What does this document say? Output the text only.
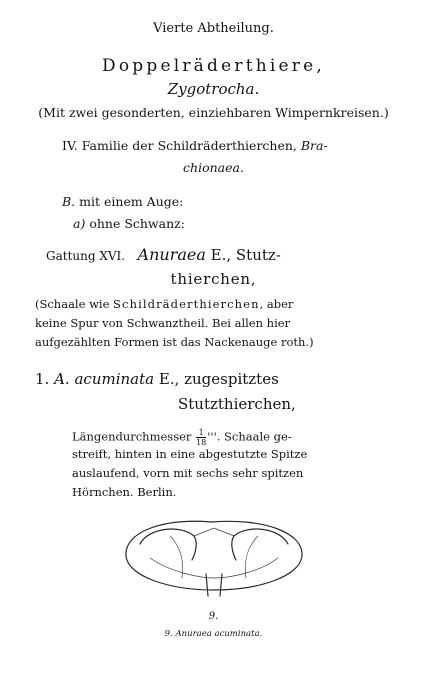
Vierte Abtheilung.
Doppelräderthiere,
Zygotrocha.
(Mit zwei gesonderten, einziehbaren Wimpernkreisen.)
IV. Familie der Schildräderthierchen, Bra-
chionaea.
B. mit einem Auge:
a) ohne Schwanz:
Gattung XVI. Anuraea E., Stutz-
thierchen,
(Schaale wie Schildräderthierchen, aber
keine Spur von Schwanztheil. Bei allen hier
aufgezählten Formen ist das Nackenauge roth.)
1. A. acuminata E., zugespitztes
Stutzthierchen,
Längendurchmesser $\frac{1}{18}$ '''. Schaale ge-
streift, hinten in eine abgestutzte Spitze
auslaufend, vorn mit sechs sehr spitzen
Hörnchen. Berlin.
9.
9. Anuraea acuminata.
